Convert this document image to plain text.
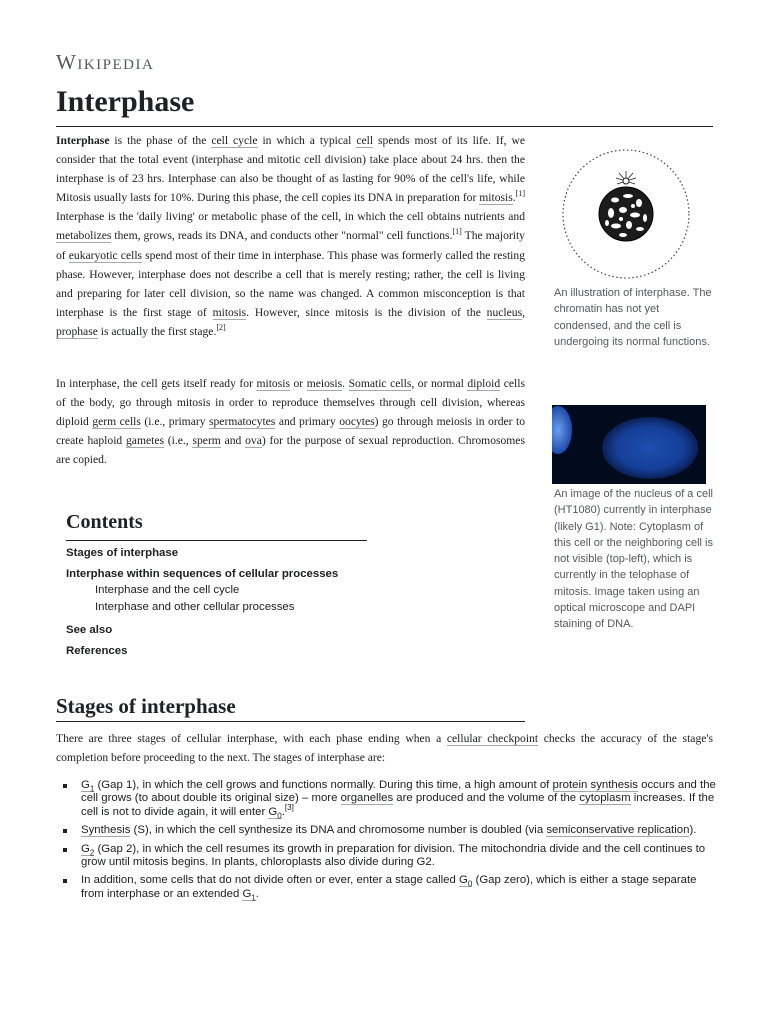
Wikipedia
Interphase

Interphase is the phase of the cell cycle in which a typical cell spends most of its life. If, we consider that the total event (interphase and mitotic cell division) take place about 24 hrs. then the interphase is of 23 hrs. Interphase can also be thought of as lasting for 90% of the cell's life, while Mitosis usually lasts for 10%. During this phase, the cell copies its DNA in preparation for mitosis.[1] Interphase is the 'daily living' or metabolic phase of the cell, in which the cell obtains nutrients and metabolizes them, grows, reads its DNA, and conducts other "normal" cell functions.[1] The majority of eukaryotic cells spend most of their time in interphase. This phase was formerly called the resting phase. However, interphase does not describe a cell that is merely resting; rather, the cell is living and preparing for later cell division, so the name was changed. A common misconception is that interphase is the first stage of mitosis. However, since mitosis is the division of the nucleus, prophase is actually the first stage.[2]

In interphase, the cell gets itself ready for mitosis or meiosis. Somatic cells, or normal diploid cells of the body, go through mitosis in order to reproduce themselves through cell division, whereas diploid germ cells (i.e., primary spermatocytes and primary oocytes) go through meiosis in order to create haploid gametes (i.e., sperm and ova) for the purpose of sexual reproduction. Chromosomes are copied.

An illustration of interphase. The chromatin has not yet condensed, and the cell is undergoing its normal functions.

An image of the nucleus of a cell (HT1080) currently in interphase (likely G1). Note: Cytoplasm of this cell or the neighboring cell is not visible (top-left), which is currently in the telophase of mitosis. Image taken using an optical microscope and DAPI staining of DNA.

Contents
Stages of interphase
Interphase within sequences of cellular processes
Interphase and the cell cycle
Interphase and other cellular processes
See also
References
Stages of interphase

There are three stages of cellular interphase, with each phase ending when a cellular checkpoint checks the accuracy of the stage's completion before proceeding to the next. The stages of interphase are:

$G_1$ (Gap 1), in which the cell grows and functions normally. During this time, a high amount of protein synthesis occurs and the cell grows (to about double its original size) – more organelles are produced and the volume of the cytoplasm increases. If the cell is not to divide again, it will enter $G_0.[3]$
Synthesis (S), in which the cell synthesize its DNA and chromosome number is doubled (via semiconservative replication).
$G_2$ (Gap 2), in which the cell resumes its growth in preparation for division. The mitochondria divide and the cell continues to grow until mitosis begins. In plants, chloroplasts also divide during G2.
In addition, some cells that do not divide often or ever, enter a stage called $G_0$ (Gap zero), which is either a stage separate from interphase or an extended $G_1$.
